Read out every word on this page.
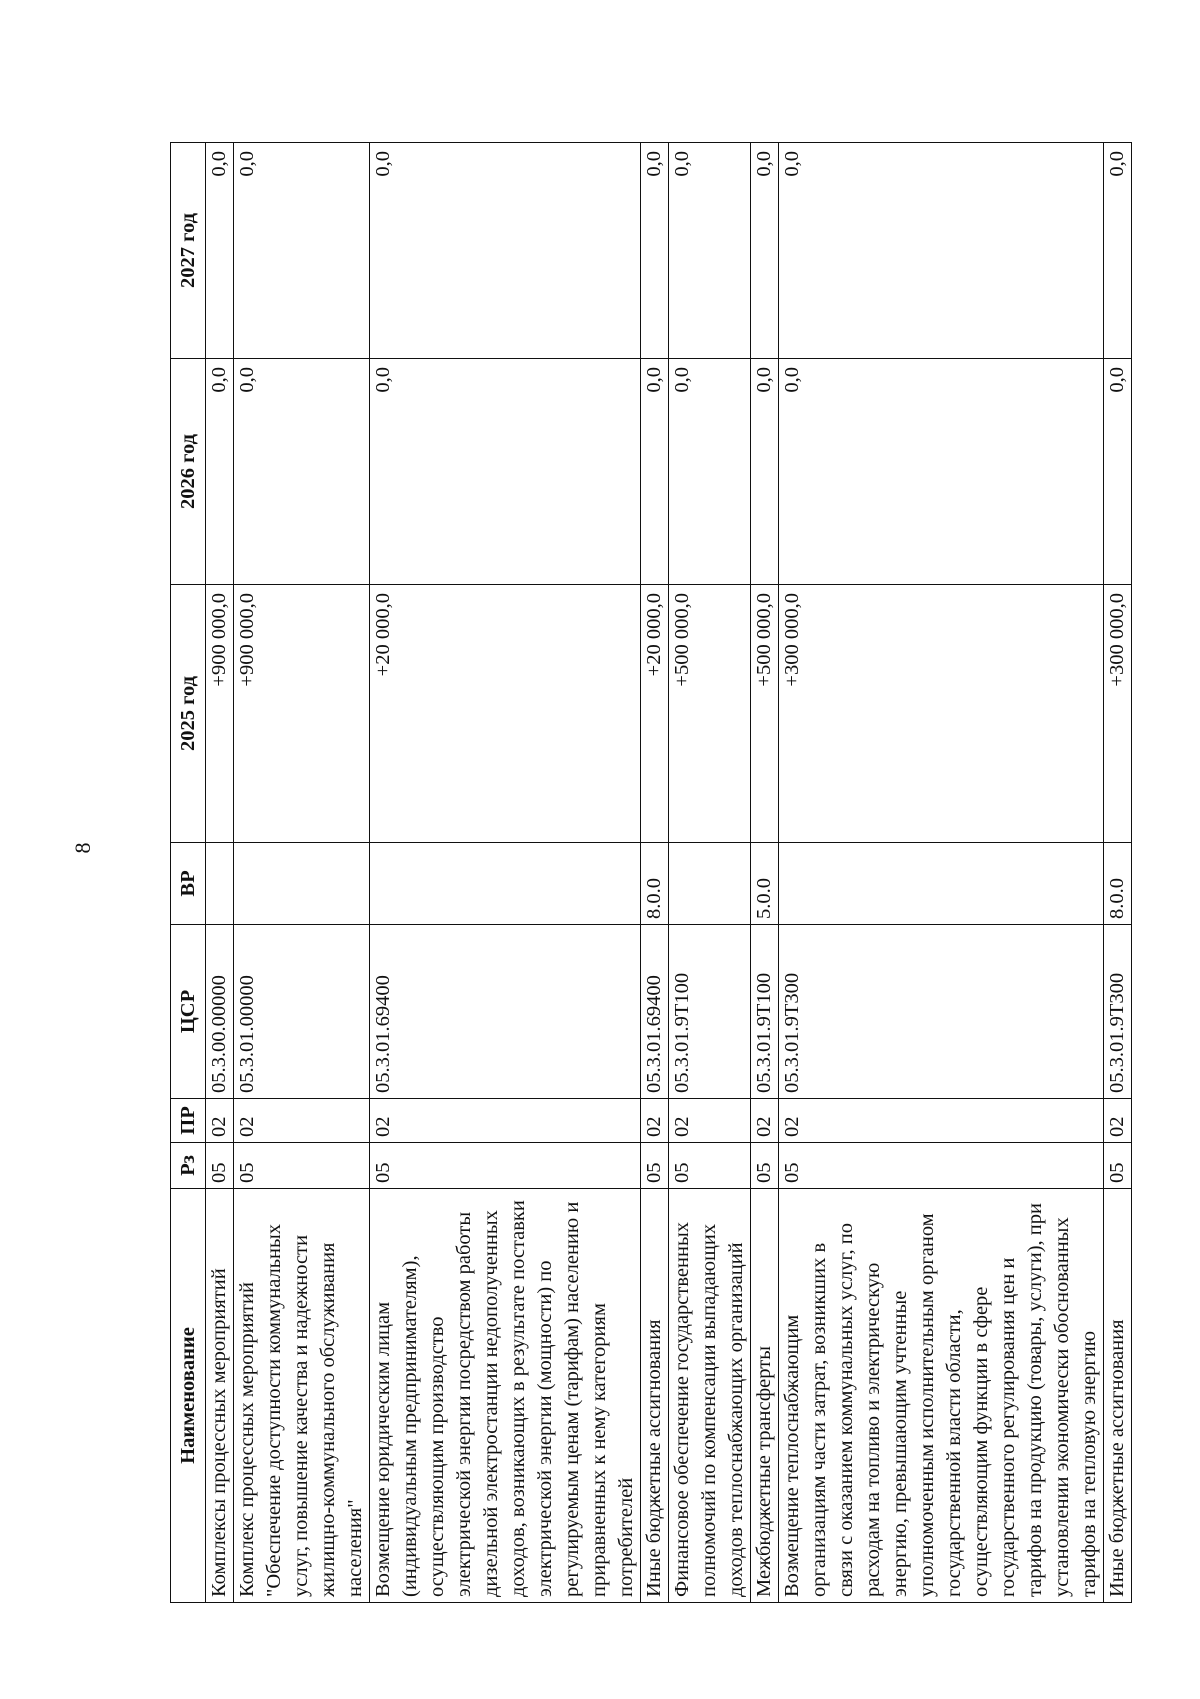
8
Наименование	Рз	ПР	ЦСР	ВР	2025 год	2026 год	2027 год
Комплексы процессных мероприятий	05	02	05.3.00.00000		+900 000,0	0,0	0,0
Комплекс процессных мероприятий "Обеспечение доступности коммунальных услуг, повышение качества и надежности жилищно-коммунального обслуживания населения"	05	02	05.3.01.00000		+900 000,0	0,0	0,0
Возмещение юридическим лицам (индивидуальным предпринимателям), осуществляющим производство электрической энергии посредством работы дизельной электростанции недополученных доходов, возникающих в результате поставки электрической энергии (мощности) по регулируемым ценам (тарифам) населению и приравненных к нему категориям потребителей	05	02	05.3.01.69400		+20 000,0	0,0	0,0
Иные бюджетные ассигнования	05	02	05.3.01.69400	8.0.0	+20 000,0	0,0	0,0
Финансовое обеспечение государственных полномочий по компенсации выпадающих доходов теплоснабжающих организаций	05	02	05.3.01.9Т100		+500 000,0	0,0	0,0
Межбюджетные трансферты	05	02	05.3.01.9Т100	5.0.0	+500 000,0	0,0	0,0
Возмещение теплоснабжающим организациям части затрат, возникших в связи с оказанием коммунальных услуг, по расходам на топливо и электрическую энергию, превышающим учтенные уполномоченным исполнительным органом государственной власти области, осуществляющим функции в сфере государственного регулирования цен и тарифов на продукцию (товары, услуги), при установлении экономически обоснованных тарифов на тепловую энергию	05	02	05.3.01.9Т300		+300 000,0	0,0	0,0
Иные бюджетные ассигнования	05	02	05.3.01.9Т300	8.0.0	+300 000,0	0,0	0,0
